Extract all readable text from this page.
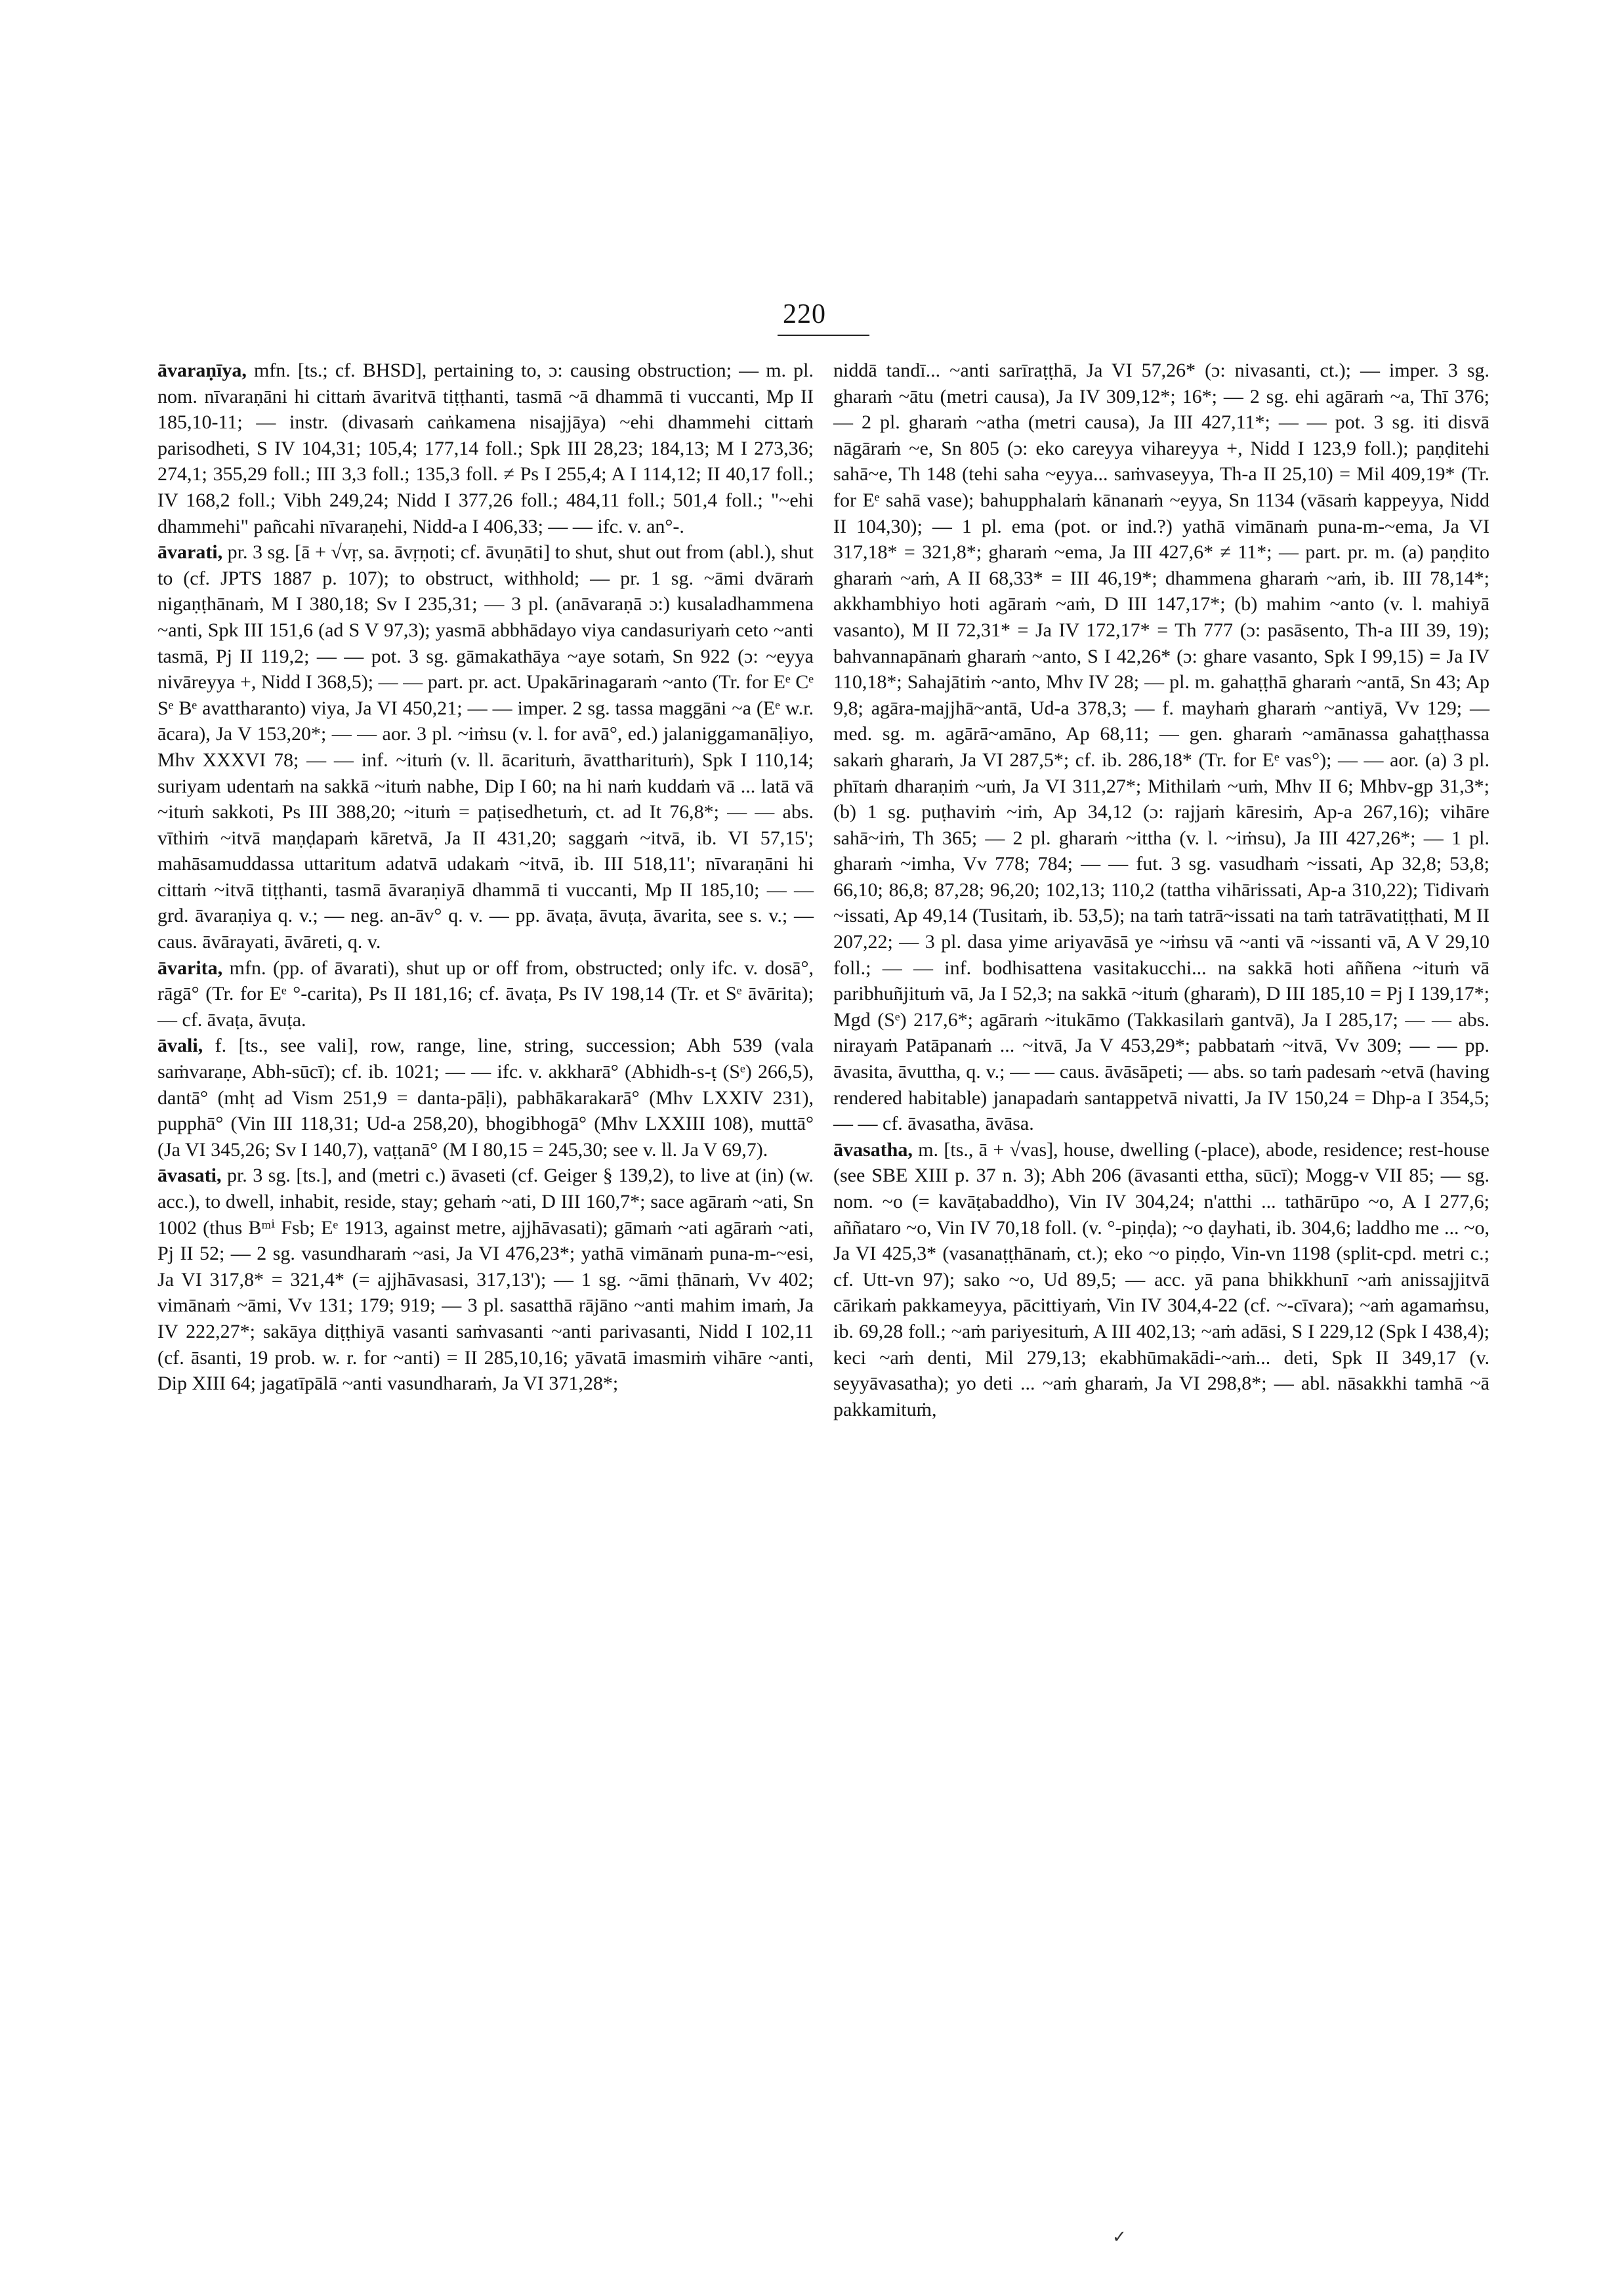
220
āvaraṇīya, mfn. [ts.; cf. BHSD], pertaining to, ɔ: causing obstruction; — m. pl. nom. nīvaraṇāni hi cittaṁ āvaritvā tiṭṭhanti, tasmā ~ā dhammā ti vuccanti, Mp II 185,10-11; — instr. (divasaṁ caṅkamena nisajjāya) ~ehi dhammehi cittaṁ parisodheti, S IV 104,31; 105,4; 177,14 foll.; Spk III 28,23; 184,13; M I 273,36; 274,1; 355,29 foll.; III 3,3 foll.; 135,3 foll. ≠ Ps I 255,4; A I 114,12; II 40,17 foll.; IV 168,2 foll.; Vibh 249,24; Nidd I 377,26 foll.; 484,11 foll.; 501,4 foll.; "~ehi dhammehi" pañcahi nīvaraṇehi, Nidd-a I 406,33; — — ifc. v. an°-.
āvarati, pr. 3 sg. [ā + √vṛ, sa. āvṛṇoti; cf. āvuṇāti] to shut, shut out from (abl.), shut to (cf. JPTS 1887 p. 107); to obstruct, withhold; — pr. 1 sg. ~āmi dvāraṁ nigaṇṭhānaṁ, M I 380,18; Sv I 235,31; — 3 pl. (anāvaraṇā ɔ:) kusaladhammena ~anti, Spk III 151,6 (ad S V 97,3); yasmā abbhādayo viya candasuriyaṁ ceto ~anti tasmā, Pj II 119,2; — — pot. 3 sg. gāmakathāya ~aye sotaṁ, Sn 922 (ɔ: ~eyya nivāreyya +, Nidd I 368,5); — — part. pr. act. Upakārinagaraṁ ~anto (Tr. for Eᵉ Cᵉ Sᵉ Bᵉ avattharanto) viya, Ja VI 450,21; — — imper. 2 sg. tassa maggāni ~a (Eᵉ w.r. ācara), Ja V 153,20*; — — aor. 3 pl. ~iṁsu (v. l. for avā°, ed.) jalaniggamanāḷiyo, Mhv XXXVI 78; — — inf. ~ituṁ (v. ll. ācarituṁ, āvattharituṁ), Spk I 110,14; suriyam udentaṁ na sakkā ~ituṁ nabhe, Dip I 60; na hi naṁ kuddaṁ vā ... latā vā ~ituṁ sakkoti, Ps III 388,20; ~ituṁ = paṭisedhetuṁ, ct. ad It 76,8*; — — abs. vīthiṁ ~itvā maṇḍapaṁ kāretvā, Ja II 431,20; saggaṁ ~itvā, ib. VI 57,15'; mahāsamuddassa uttaritum adatvā udakaṁ ~itvā, ib. III 518,11'; nīvaraṇāni hi cittaṁ ~itvā tiṭṭhanti, tasmā āvaraṇiyā dhammā ti vuccanti, Mp II 185,10; — — grd. āvaraṇiya q. v.; — neg. an-āv° q. v. — pp. āvaṭa, āvuṭa, āvarita, see s. v.; — caus. āvārayati, āvāreti, q. v.
āvarita, mfn. (pp. of āvarati), shut up or off from, obstructed; only ifc. v. dosā°, rāgā° (Tr. for Eᵉ °-carita), Ps II 181,16; cf. āvaṭa, Ps IV 198,14 (Tr. et Sᵉ āvārita); — cf. āvaṭa, āvuṭa.
āvali, f. [ts., see vali], row, range, line, string, succession; Abh 539 (vala saṁvaraṇe, Abh-sūcī); cf. ib. 1021; — — ifc. v. akkharā° (Abhidh-s-ṭ (Sᵉ) 266,5), dantā° (mhṭ ad Vism 251,9 = danta-pāḷi), pabhākarakarā° (Mhv LXXIV 231), pupphā° (Vin III 118,31; Ud-a 258,20), bhogibhogā° (Mhv LXXIII 108), muttā° (Ja VI 345,26; Sv I 140,7), vaṭṭanā° (M I 80,15 = 245,30; see v. ll. Ja V 69,7).
āvasati, pr. 3 sg. [ts.], and (metri c.) āvaseti (cf. Geiger § 139,2), to live at (in) (w. acc.), to dwell, inhabit, reside, stay; gehaṁ ~ati, D III 160,7*; sace agāraṁ ~ati, Sn 1002 (thus Bᵐⁱ Fsb; Eᵉ 1913, against metre, ajjhāvasati); gāmaṁ ~ati agāraṁ ~ati, Pj II 52; — 2 sg. vasundharaṁ ~asi, Ja VI 476,23*; yathā vimānaṁ puna-m-~esi, Ja VI 317,8* = 321,4* (= ajjhāvasasi, 317,13'); — 1 sg. ~āmi ṭhānaṁ, Vv 402; vimānaṁ ~āmi, Vv 131; 179; 919; — 3 pl. sasatthā rājāno ~anti mahim imaṁ, Ja IV 222,27*; sakāya diṭṭhiyā vasanti saṁvasanti ~anti parivasanti, Nidd I 102,11 (cf. āsanti, 19 prob. w. r. for ~anti) = II 285,10,16; yāvatā imasmiṁ vihāre ~anti, Dip XIII 64; jagatīpālā ~anti vasundharaṁ, Ja VI 371,28*;
niddā tandī... ~anti sarīraṭṭhā, Ja VI 57,26* (ɔ: nivasanti, ct.); — imper. 3 sg. gharaṁ ~ātu (metri causa), Ja IV 309,12*; 16*; — 2 sg. ehi agāraṁ ~a, Thī 376; — 2 pl. gharaṁ ~atha (metri causa), Ja III 427,11*; — — pot. 3 sg. iti disvā nāgāraṁ ~e, Sn 805 (ɔ: eko careyya vihareyya +, Nidd I 123,9 foll.); paṇḍitehi sahā~e, Th 148 (tehi saha ~eyya... saṁvaseyya, Th-a II 25,10) = Mil 409,19* (Tr. for Eᵉ sahā vase); bahupphalaṁ kānanaṁ ~eyya, Sn 1134 (vāsaṁ kappeyya, Nidd II 104,30); — 1 pl. ema (pot. or ind.?) yathā vimānaṁ puna-m-~ema, Ja VI 317,18* = 321,8*; gharaṁ ~ema, Ja III 427,6* ≠ 11*; — part. pr. m. (a) paṇḍito gharaṁ ~aṁ, A II 68,33* = III 46,19*; dhammena gharaṁ ~aṁ, ib. III 78,14*; akkhambhiyo hoti agāraṁ ~aṁ, D III 147,17*; (b) mahim ~anto (v. l. mahiyā vasanto), M II 72,31* = Ja IV 172,17* = Th 777 (ɔ: pasāsento, Th-a III 39, 19); bahvannapānaṁ gharaṁ ~anto, S I 42,26* (ɔ: ghare vasanto, Spk I 99,15) = Ja IV 110,18*; Sahajātiṁ ~anto, Mhv IV 28; — pl. m. gahaṭṭhā gharaṁ ~antā, Sn 43; Ap 9,8; agāra-majjhā~antā, Ud-a 378,3; — f. mayhaṁ gharaṁ ~antiyā, Vv 129; — med. sg. m. agārā~amāno, Ap 68,11; — gen. gharaṁ ~amānassa gahaṭṭhassa sakaṁ gharaṁ, Ja VI 287,5*; cf. ib. 286,18* (Tr. for Eᵉ vas°); — — aor. (a) 3 pl. phītaṁ dharaṇiṁ ~uṁ, Ja VI 311,27*; Mithilaṁ ~uṁ, Mhv II 6; Mhbv-gp 31,3*; (b) 1 sg. puṭhaviṁ ~iṁ, Ap 34,12 (ɔ: rajjaṁ kāresiṁ, Ap-a 267,16); vihāre sahā~iṁ, Th 365; — 2 pl. gharaṁ ~ittha (v. l. ~iṁsu), Ja III 427,26*; — 1 pl. gharaṁ ~imha, Vv 778; 784; — — fut. 3 sg. vasudhaṁ ~issati, Ap 32,8; 53,8; 66,10; 86,8; 87,28; 96,20; 102,13; 110,2 (tattha vihārissati, Ap-a 310,22); Tidivaṁ ~issati, Ap 49,14 (Tusitaṁ, ib. 53,5); na taṁ tatrā~issati na taṁ tatrāvatiṭṭhati, M II 207,22; — 3 pl. dasa yime ariyavāsā ye ~iṁsu vā ~anti vā ~issanti vā, A V 29,10 foll.; — — inf. bodhisattena vasitakucchi... na sakkā hoti aññena ~ituṁ vā paribhuñjituṁ vā, Ja I 52,3; na sakkā ~ituṁ (gharaṁ), D III 185,10 = Pj I 139,17*; Mgd (Sᵉ) 217,6*; agāraṁ ~itukāmo (Takkasilaṁ gantvā), Ja I 285,17; — — abs. nirayaṁ Patāpanaṁ ... ~itvā, Ja V 453,29*; pabbataṁ ~itvā, Vv 309; — — pp. āvasita, āvuttha, q. v.; — — caus. āvāsāpeti; — abs. so taṁ padesaṁ ~etvā (having rendered habitable) janapadaṁ santappetvā nivatti, Ja IV 150,24 = Dhp-a I 354,5; — — cf. āvasatha, āvāsa.
āvasatha, m. [ts., ā + √vas], house, dwelling (-place), abode, residence; rest-house (see SBE XIII p. 37 n. 3); Abh 206 (āvasanti ettha, sūcī); Mogg-v VII 85; — sg. nom. ~o (= kavāṭabaddho), Vin IV 304,24; n'atthi ... tathārūpo ~o, A I 277,6; aññataro ~o, Vin IV 70,18 foll. (v. °-piṇḍa); ~o ḍayhati, ib. 304,6; laddho me ... ~o, Ja VI 425,3* (vasanaṭṭhānaṁ, ct.); eko ~o piṇḍo, Vin-vn 1198 (split-cpd. metri c.; cf. Utt-vn 97); sako ~o, Ud 89,5; — acc. yā pana bhikkhunī ~aṁ anissajjitvā cārikaṁ pakkameyya, pācittiyaṁ, Vin IV 304,4-22 (cf. ~-cīvara); ~aṁ agamaṁsu, ib. 69,28 foll.; ~aṁ pariyesituṁ, A III 402,13; ~aṁ adāsi, S I 229,12 (Spk I 438,4); keci ~aṁ denti, Mil 279,13; ekabhūmakādi-~aṁ... deti, Spk II 349,17 (v. seyyāvasatha); yo deti ... ~aṁ gharaṁ, Ja VI 298,8*; — abl. nāsakkhi tamhā ~ā pakkamituṁ,
✓
